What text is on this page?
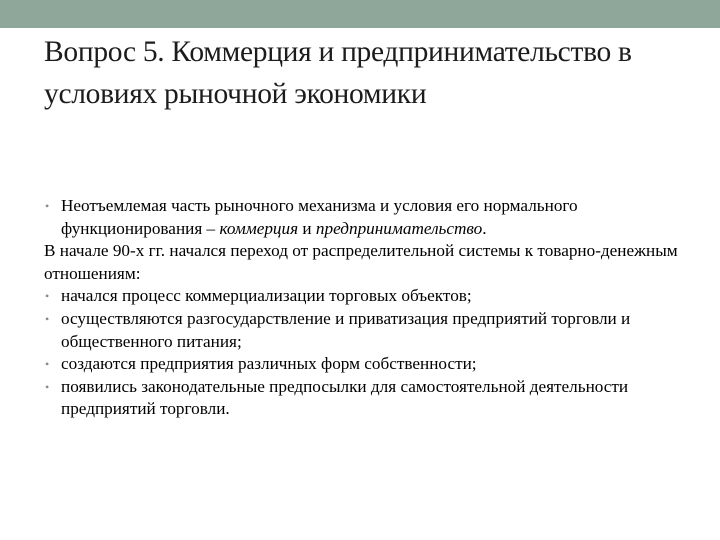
Вопрос 5. Коммерция и предпринимательство в условиях рыночной экономики
• Неотъемлемая часть рыночного механизма и условия его нормального функционирования – коммерция и предпринимательство.
В начале 90-х гг. начался переход от распределительной системы к товарно-денежным отношениям:
• начался процесс коммерциализации торговых объектов;
• осуществляются разгосударствление и приватизация предприятий торговли и общественного питания;
• создаются предприятия различных форм собственности;
• появились законодательные предпосылки для самостоятельной деятельности предприятий торговли.
